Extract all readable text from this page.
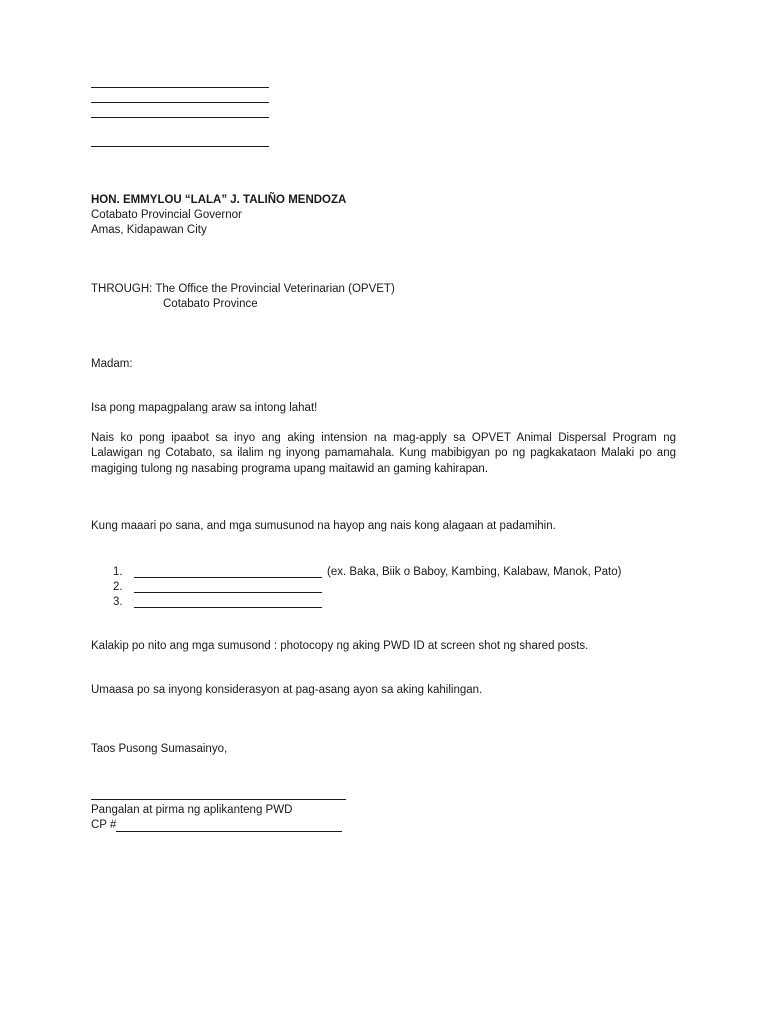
HON. EMMYLOU “LALA” J. TALIÑO MENDOZA
Cotabato Provincial Governor
Amas, Kidapawan City
THROUGH: The Office the Provincial Veterinarian (OPVET)
Cotabato Province
Madam:
Isa pong mapagpalang araw sa intong lahat!
Nais ko pong ipaabot sa inyo ang aking intension na mag-apply sa OPVET Animal Dispersal Program ng Lalawigan ng Cotabato, sa ilalim ng inyong pamamahala. Kung mabibigyan po ng pagkakataon Malaki po ang magiging tulong ng nasabing programa upang maitawid an gaming kahirapan.
Kung maaari po sana, and mga sumusunod na hayop ang nais kong alagaan at padamihin.
1.	(ex. Baka, Biik o Baboy, Kambing, Kalabaw, Manok, Pato)
2.
3.
Kalakip po nito ang mga sumusond : photocopy ng aking PWD ID at screen shot ng shared posts.
Umaasa po sa inyong konsiderasyon at pag-asang ayon sa aking kahilingan.
Taos Pusong Sumasainyo,
Pangalan at pirma ng aplikanteng PWD
CP #
